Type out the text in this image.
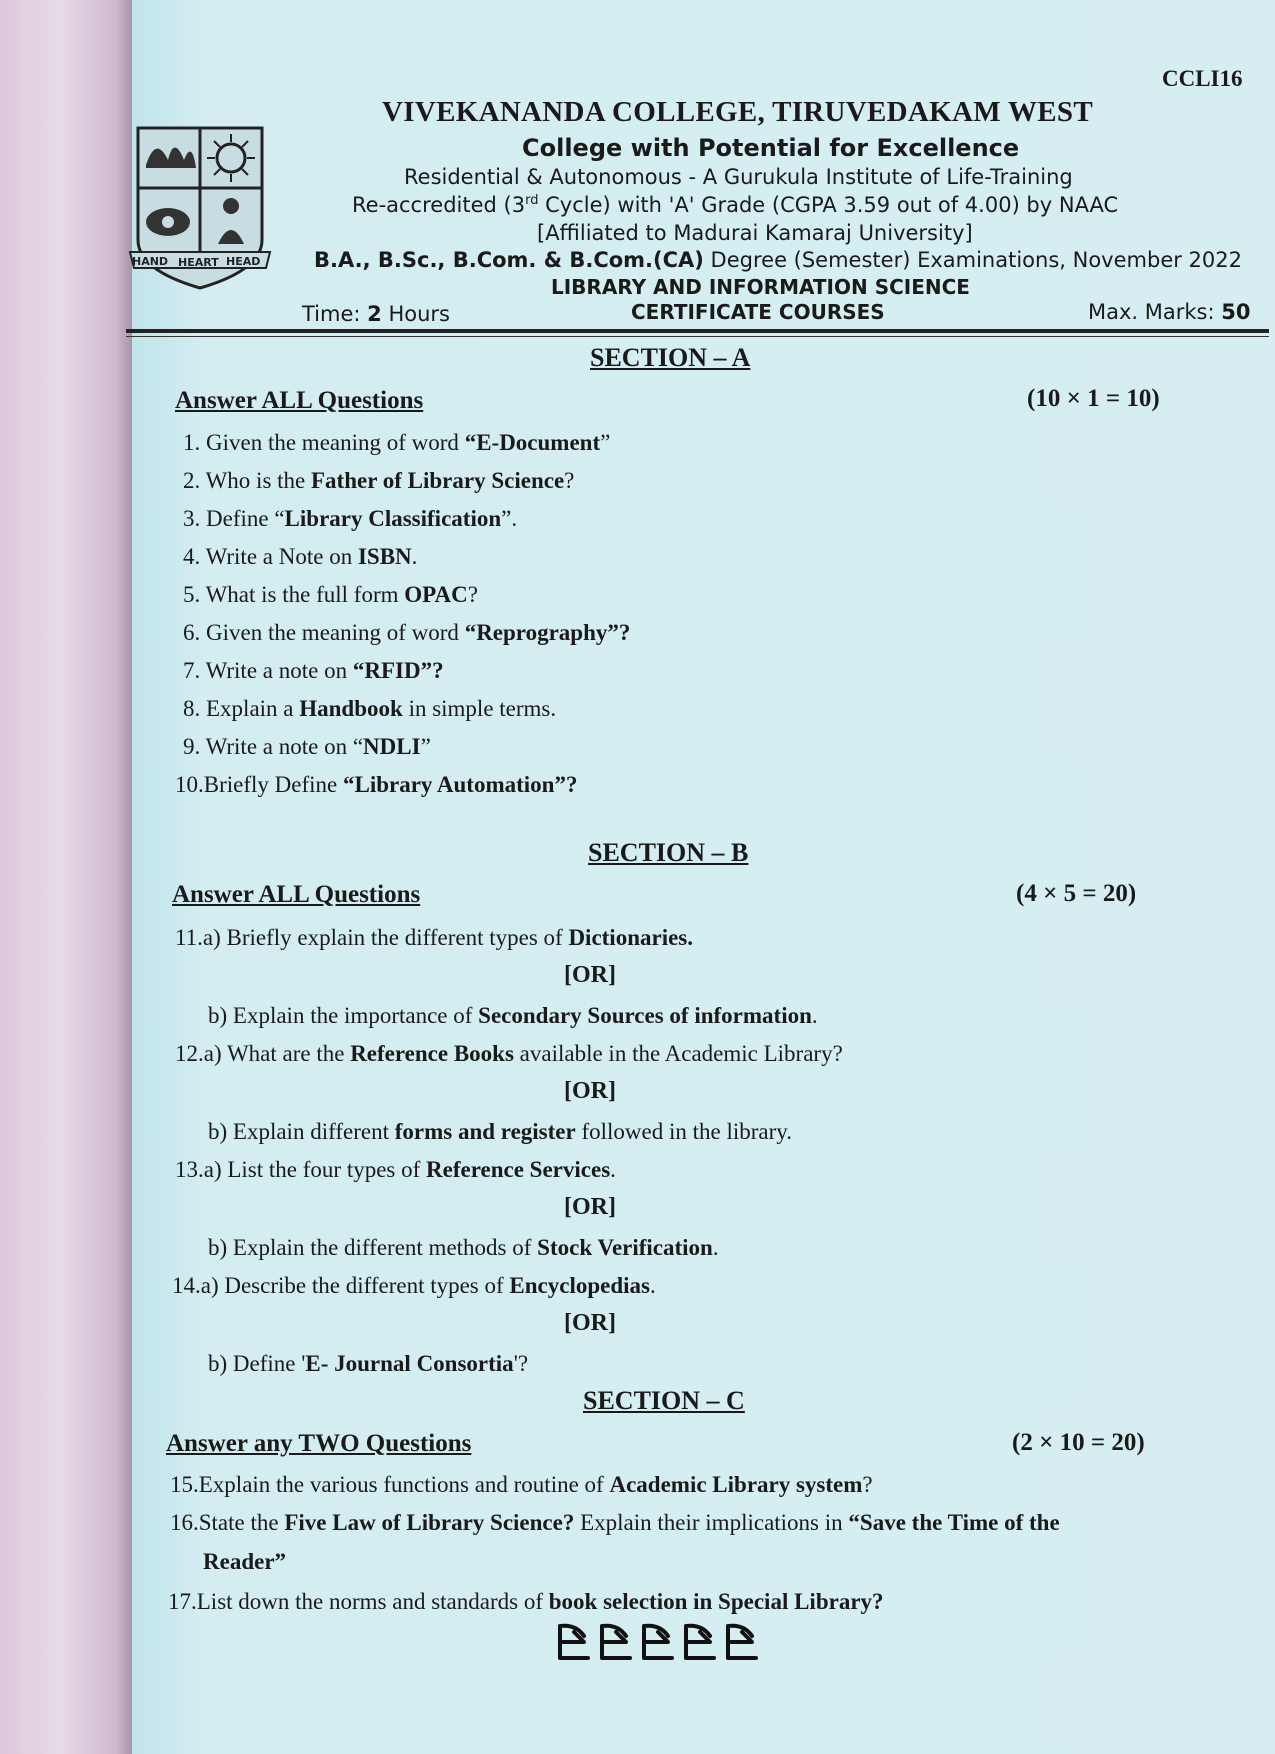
HAND HEART HEAD
CCLI16
VIVEKANANDA COLLEGE, TIRUVEDAKAM WEST
College with Potential for Excellence
Residential & Autonomous - A Gurukula Institute of Life-Training
Re-accredited (3rd Cycle) with 'A' Grade (CGPA 3.59 out of 4.00) by NAAC
[Affiliated to Madurai Kamaraj University]
B.A., B.Sc., B.Com. & B.Com.(CA) Degree (Semester) Examinations, November 2022
LIBRARY AND INFORMATION SCIENCE
Time: 2 Hours	CERTIFICATE COURSES	Max. Marks: 50
SECTION – A
Answer ALL Questions	(10 × 1 = 10)
1. Given the meaning of word “E-Document”
2. Who is the Father of Library Science?
3. Define “Library Classification”.
4. Write a Note on ISBN.
5. What is the full form OPAC?
6. Given the meaning of word “Reprography”?
7. Write a note on “RFID”?
8. Explain a Handbook in simple terms.
9. Write a note on “NDLI”
10.Briefly Define “Library Automation”?
SECTION – B
Answer ALL Questions	(4 × 5 = 20)
11.a) Briefly explain the different types of Dictionaries.
[OR]
b) Explain the importance of Secondary Sources of information.
12.a) What are the Reference Books available in the Academic Library?
[OR]
b) Explain different forms and register followed in the library.
13.a) List the four types of Reference Services.
[OR]
b) Explain the different methods of Stock Verification.
14.a) Describe the different types of Encyclopedias.
[OR]
b) Define 'E- Journal Consortia'?
SECTION – C
Answer any TWO Questions	(2 × 10 = 20)
15.Explain the various functions and routine of Academic Library system?
16.State the Five Law of Library Science? Explain their implications in “Save the Time of the
Reader”
17.List down the norms and standards of book selection in Special Library?
